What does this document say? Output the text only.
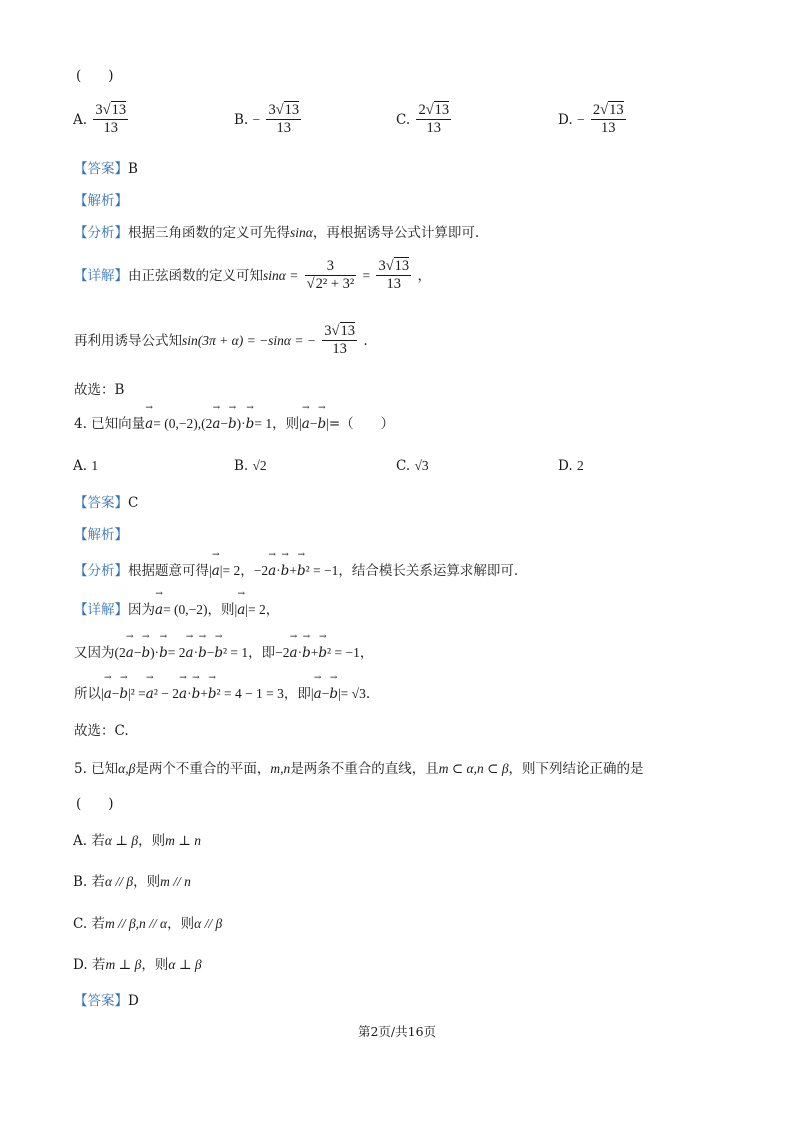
(　　)
A. $\frac{3√13}{13}$	B. − $\frac{3√13}{13}$	C. $\frac{2√13}{13}$	D. − $\frac{2√13}{13}$
【答案】B
【解析】
【分析】根据三角函数的定义可先得sinα，再根据诱导公式计算即可.
【详解】由正弦函数的定义可知$\sin\alpha = \frac{3}{\text{√2² + 3²}} = \frac{3√13}{13}$ ，
再利用诱导公式知sin(3π + α) = −sinα = − $\frac{3√13}{13}$ .
故选：B
4. 已知向量→ a= (0,−2),(2→ a−→ b)·→ b= 1，则|→ a−→ b|=（　　）
A. 1	B. √2	C. √3	D. 2
【答案】C
【解析】
【分析】根据题意可得|→ a|= 2，−2→ a·→ b+→ b² = −1，结合模长关系运算求解即可.
【详解】因为→ a= (0,−2)，则|→ a|= 2，
又因为(2→ a−→ b)·→ b= 2→ a·→ b−→ b² = 1，即−2→ a·→ b+→ b² = −1，
所以|→ a−→ b|² =→ a² − 2→ a·→ b+→ b² = 4 − 1 = 3，即|→ a−→ b|= √3.
故选：C.
5. 已知α,β是两个不重合的平面，m,n是两条不重合的直线，且m ⊂ α,n ⊂ β，则下列结论正确的是
(　　)
A. 若α ⊥ β，则m ⊥ n
B. 若α // β，则m // n
C. 若m // β,n // α，则α // β
D. 若m ⊥ β，则α ⊥ β
【答案】D
第2页/共16页
